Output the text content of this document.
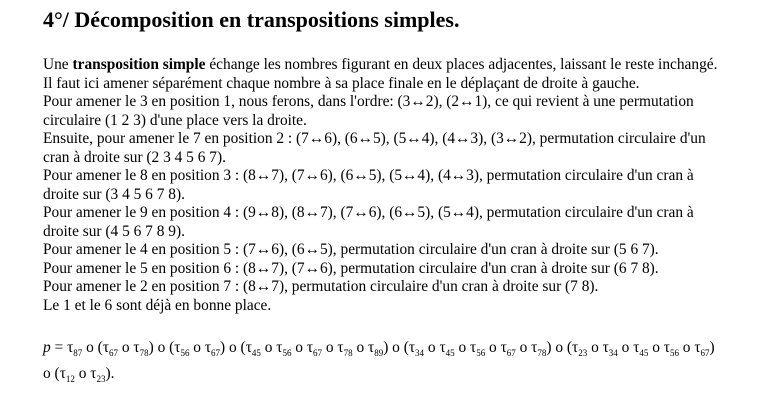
4°/ Décomposition en transpositions simples.

Une transposition simple échange les nombres figurant en deux places adjacentes, laissant le reste inchangé.

Il faut ici amener séparément chaque nombre à sa place finale en le déplaçant de droite à gauche.

Pour amener le 3 en position 1, nous ferons, dans l'ordre: (3↔2), (2↔1), ce qui revient à une permutation circulaire (1 2 3) d'une place vers la droite.

Ensuite, pour amener le 7 en position 2 : (7↔6), (6↔5), (5↔4), (4↔3), (3↔2), permutation circulaire d'un cran à droite sur (2 3 4 5 6 7).

Pour amener le 8 en position 3 : (8↔7), (7↔6), (6↔5), (5↔4), (4↔3), permutation circulaire d'un cran à droite sur (3 4 5 6 7 8).

Pour amener le 9 en position 4 : (9↔8), (8↔7), (7↔6), (6↔5), (5↔4), permutation circulaire d'un cran à droite sur (4 5 6 7 8 9).

Pour amener le 4 en position 5 : (7↔6), (6↔5), permutation circulaire d'un cran à droite sur (5 6 7).

Pour amener le 5 en position 6 : (8↔7), (7↔6), permutation circulaire d'un cran à droite sur (6 7 8).

Pour amener le 2 en position 7 : (8↔7), permutation circulaire d'un cran à droite sur (7 8).

Le 1 et le 6 sont déjà en bonne place.

$p = \tau_{87}$ o ($\tau_{67}$ o $\tau_{78}$) o ($\tau_{56}$ o $\tau_{67}$) o ($\tau_{45}$ o $\tau_{56}$ o $\tau_{67}$ o $\tau_{78}$ o $\tau_{89}$) o ($\tau_{34}$ o $\tau_{45}$ o $\tau_{56}$ o $\tau_{67}$ o $\tau_{78}$) o ($\tau_{23}$ o $\tau_{34}$ o $\tau_{45}$ o $\tau_{56}$ o $\tau_{67}$) o ($\tau_{12}$ o $\tau_{23}$).
